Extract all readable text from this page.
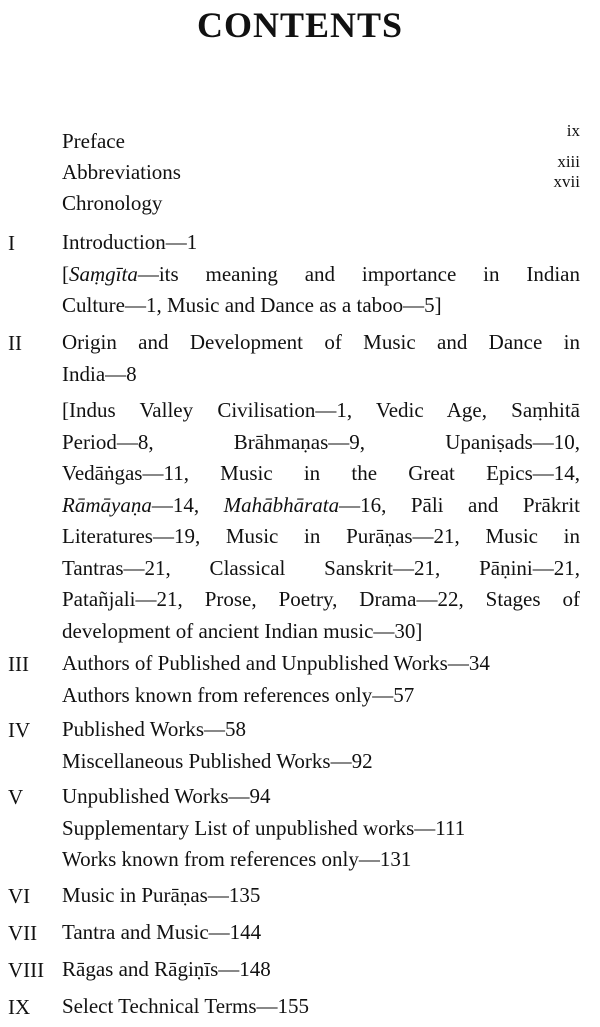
CONTENTS
Preface	ix
Abbreviations	xiii
Chronology
xvii
I Introduction—1
[Saṃgīta—its meaning and importance in Indian
Culture—1, Music and Dance as a taboo—5]
II Origin and Development of Music and Dance in
India—8
[Indus Valley Civilisation—1, Vedic Age, Saṃhitā
Period—8, Brāhmaṇas—9, Upaniṣads—10,
Vedāṅgas—11, Music in the Great Epics—14,
Rāmāyaṇa—14, Mahābhārata—16, Pāli and Prākrit
Literatures—19, Music in Purāṇas—21, Music in
Tantras—21, Classical Sanskrit—21, Pāṇini—21,
Patañjali—21, Prose, Poetry, Drama—22, Stages of
development of ancient Indian music—30]
III Authors of Published and Unpublished Works—34
Authors known from references only—57
IV Published Works—58
Miscellaneous Published Works—92
V Unpublished Works—94
Supplementary List of unpublished works—111
Works known from references only—131
VI Music in Purāṇas—135
VII Tantra and Music—144
VIII Rāgas and Rāgiṇīs—148
IX Select Technical Terms—155
